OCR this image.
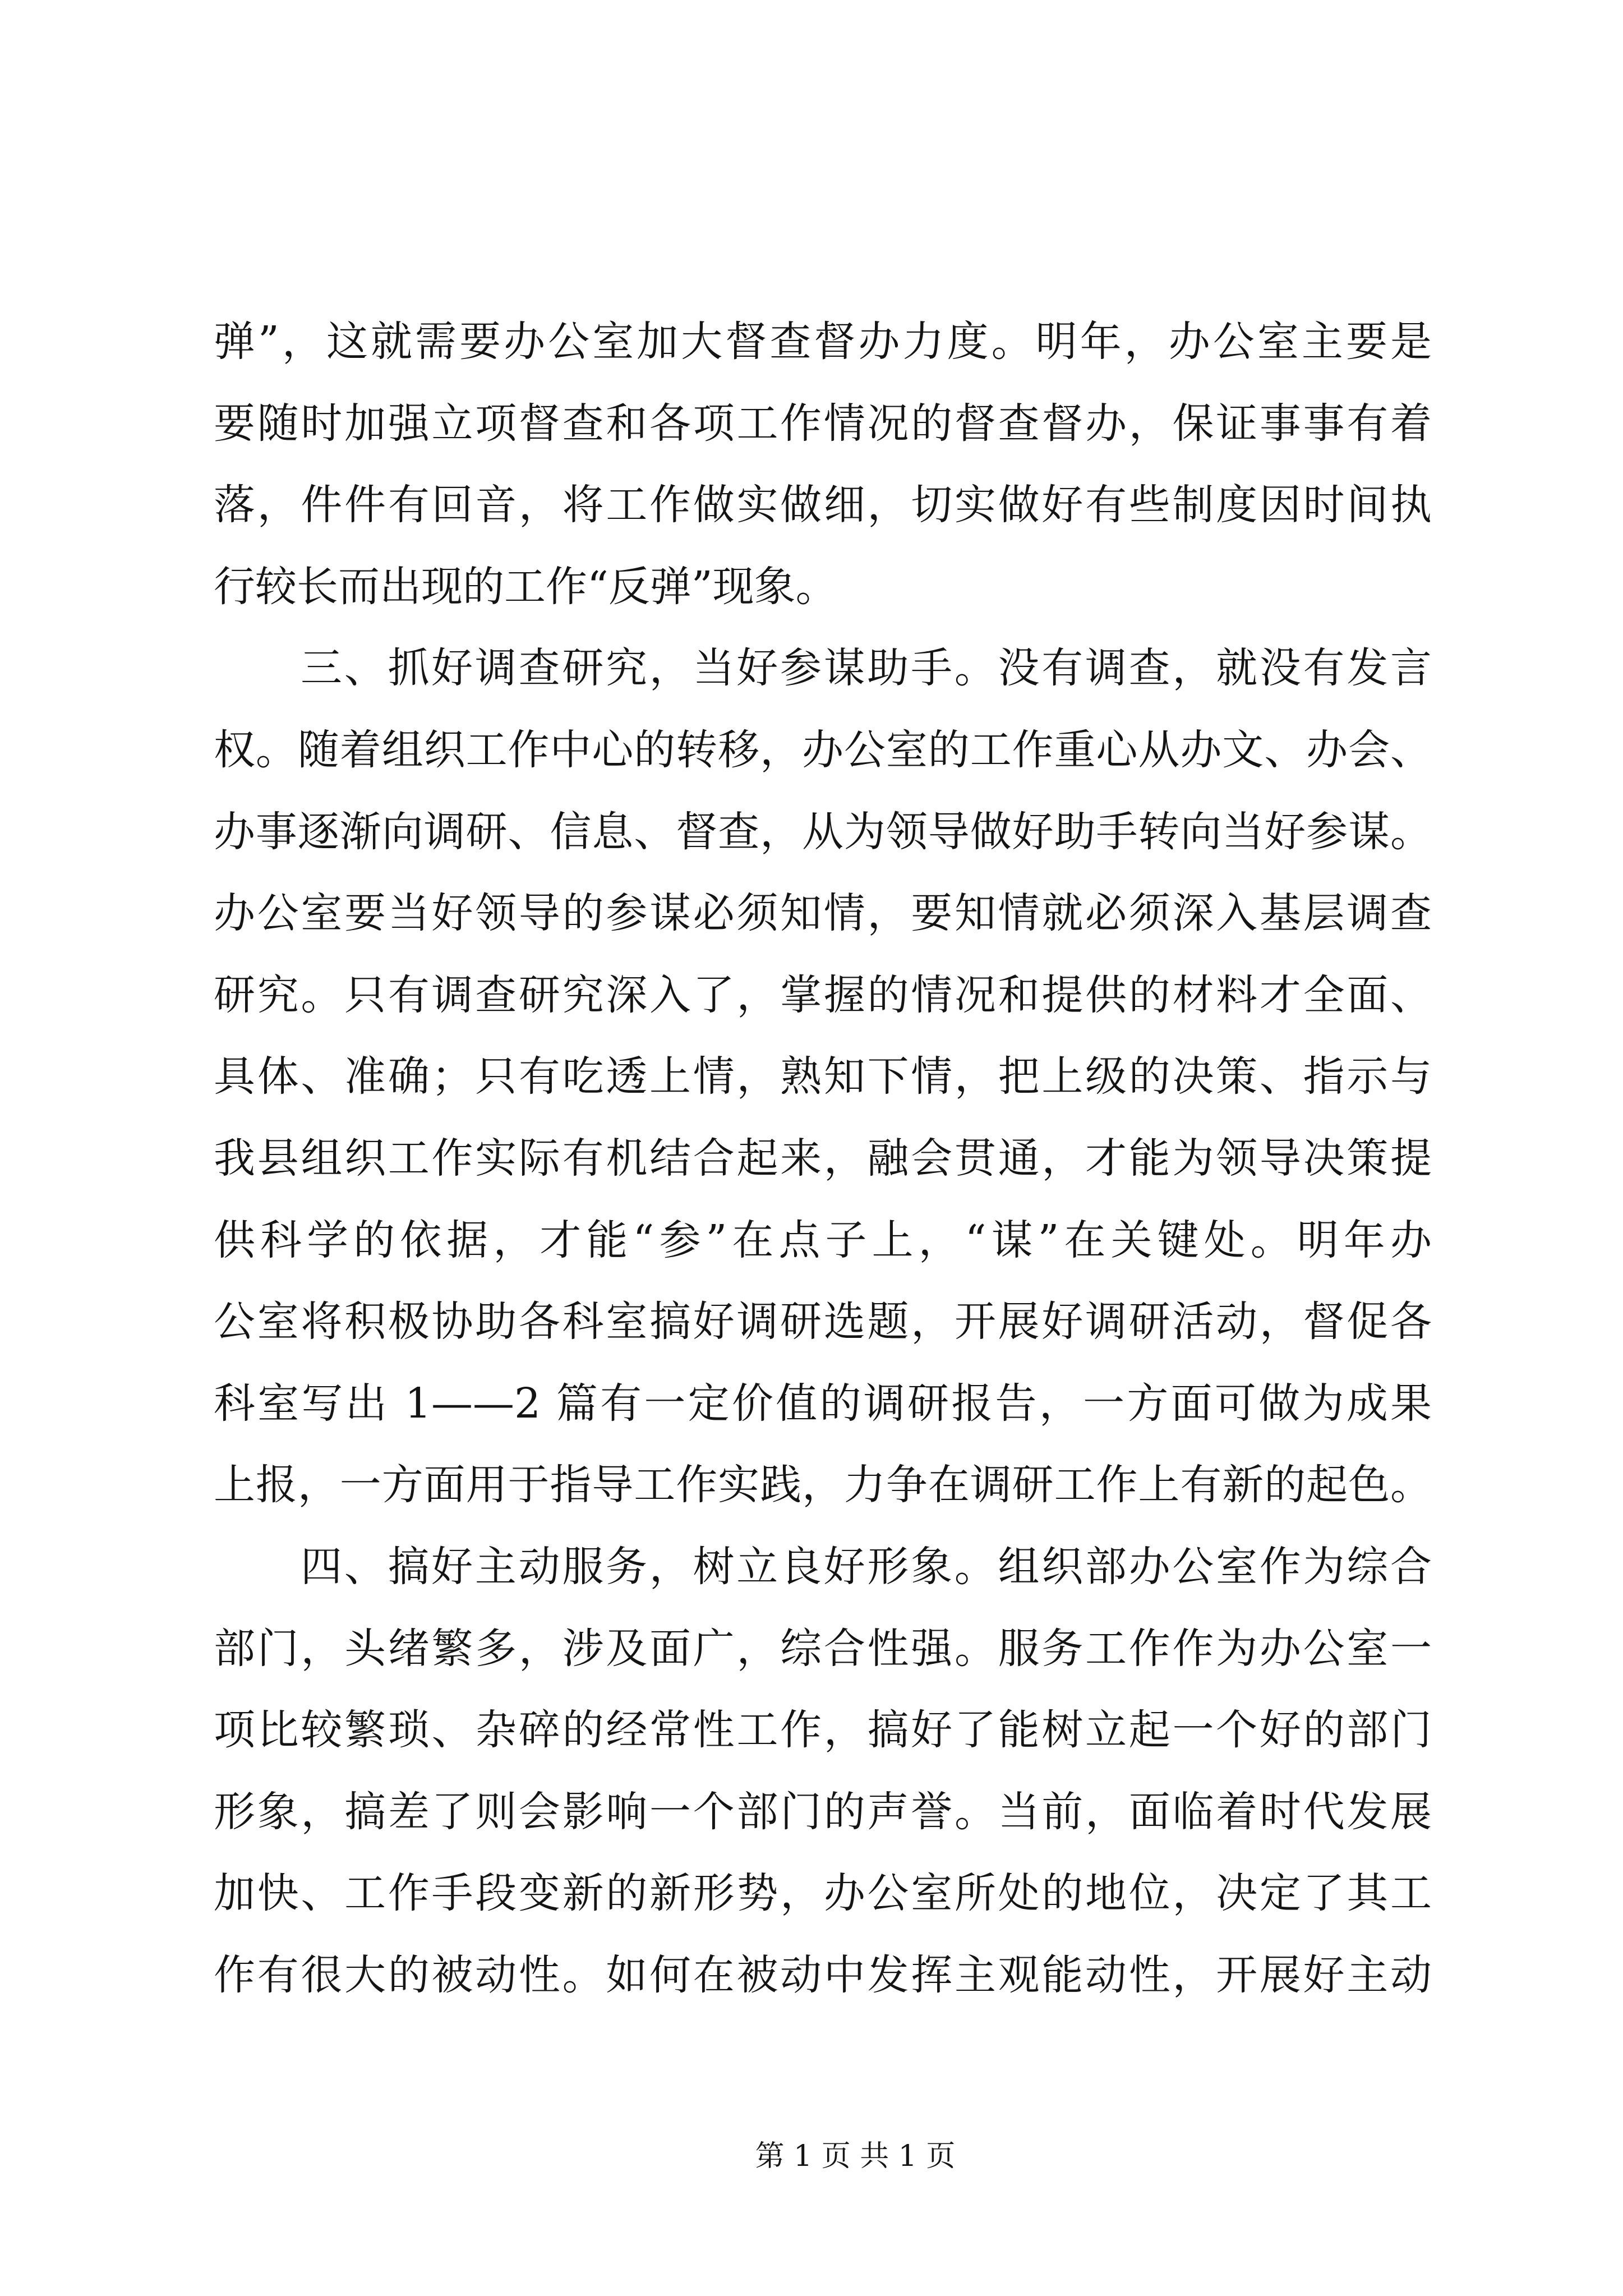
弹”，这就需要办公室加大督查督办力度。明年，办公室主要是
要随时加强立项督查和各项工作情况的督查督办，保证事事有着
落，件件有回音，将工作做实做细，切实做好有些制度因时间执
行较长而出现的工作“反弹”现象。
三、抓好调查研究，当好参谋助手。没有调查，就没有发言
权。随着组织工作中心的转移，办公室的工作重心从办文、办会、
办事逐渐向调研、信息、督查，从为领导做好助手转向当好参谋。
办公室要当好领导的参谋必须知情，要知情就必须深入基层调查
研究。只有调查研究深入了，掌握的情况和提供的材料才全面、
具体、准确；只有吃透上情，熟知下情，把上级的决策、指示与
我县组织工作实际有机结合起来，融会贯通，才能为领导决策提
供科学的依据，才能“参”在点子上，“谋”在关键处。明年办
公室将积极协助各科室搞好调研选题，开展好调研活动，督促各
科室写出 1——2 篇有一定价值的调研报告，一方面可做为成果
上报，一方面用于指导工作实践，力争在调研工作上有新的起色。
四、搞好主动服务，树立良好形象。组织部办公室作为综合
部门，头绪繁多，涉及面广，综合性强。服务工作作为办公室一
项比较繁琐、杂碎的经常性工作，搞好了能树立起一个好的部门
形象，搞差了则会影响一个部门的声誉。当前，面临着时代发展
加快、工作手段变新的新形势，办公室所处的地位，决定了其工
作有很大的被动性。如何在被动中发挥主观能动性，开展好主动
第 1 页 共 1 页
